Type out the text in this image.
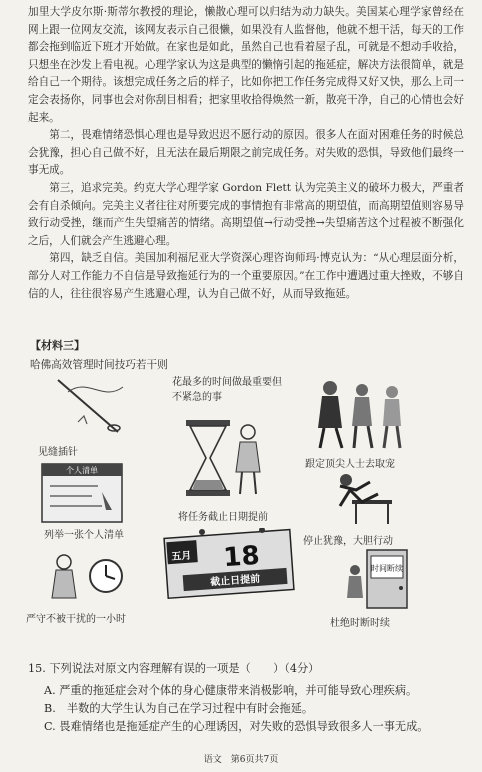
加里大学皮尔斯·斯蒂尔教授的理论，懒散心理可以归结为动力缺失。美国某心理学家曾经在网上跟一位网友交流，该网友表示自己很懒，如果没有人监督他，他就不想干活，每天的工作都会拖到临近下班才开始做。在家也是如此，虽然自己也看着屋子乱，可就是不想动手收拾，只想坐在沙发上看电视。心理学家认为这是典型的懒惰引起的拖延症，解决方法很简单，就是给自己一个期待。该想完成任务之后的样子，比如你把工作任务完成得又好又快，那么上司一定会表扬你，同事也会对你刮目相看；把家里收拾得焕然一新，散亮干净，自己的心情也会好起来。

第二，畏难情绪恐惧心理也是导致迟迟不愿行动的原因。很多人在面对困难任务的时候总会犹豫，担心自己做不好，且无法在最后期限之前完成任务。对失败的恐惧，导致他们最终一事无成。

第三，追求完美。约克大学心理学家 Gordon Flett 认为完美主义的破坏力极大，严重者会有自杀倾向。完美主义者往往对所要完成的事情抱有非常高的期望值，而高期望值则容易导致行动受挫，继而产生失望痛苦的情绪。高期望值→行动受挫→失望痛苦这个过程被不断强化之后，人们就会产生逃避心理。

第四，缺乏自信。美国加利福尼亚大学资深心理咨询师玛·博克认为：“从心理层面分析，部分人对工作能力不自信是导致拖延行为的一个重要原因。”在工作中遭遇过重大挫败，不够自信的人，往往很容易产生逃避心理，认为自己做不好，从而导致拖延。

【材料三】
哈佛高效管理时间技巧若干则
见缝插针
花最多的时间做最重要但不紧急的事
跟定顶尖人士去取宠
个人清单
列举一张个人清单
将任务截止日期提前
停止犹豫，大胆行动
严守不被干扰的一小时
五月 18
截止日提前
时间断续
杜绝时断时续
15. 下列说法对原文内容理解有误的一项是（　　）（4分）
A. 严重的拖延症会对个体的身心健康带来消极影响，并可能导致心理疾病。
B.　半数的大学生认为自己在学习过程中有时会拖延。
C. 畏难情绪也是拖延症产生的心理诱因，对失败的恐惧导致很多人一事无成。
语文　第6页共7页
